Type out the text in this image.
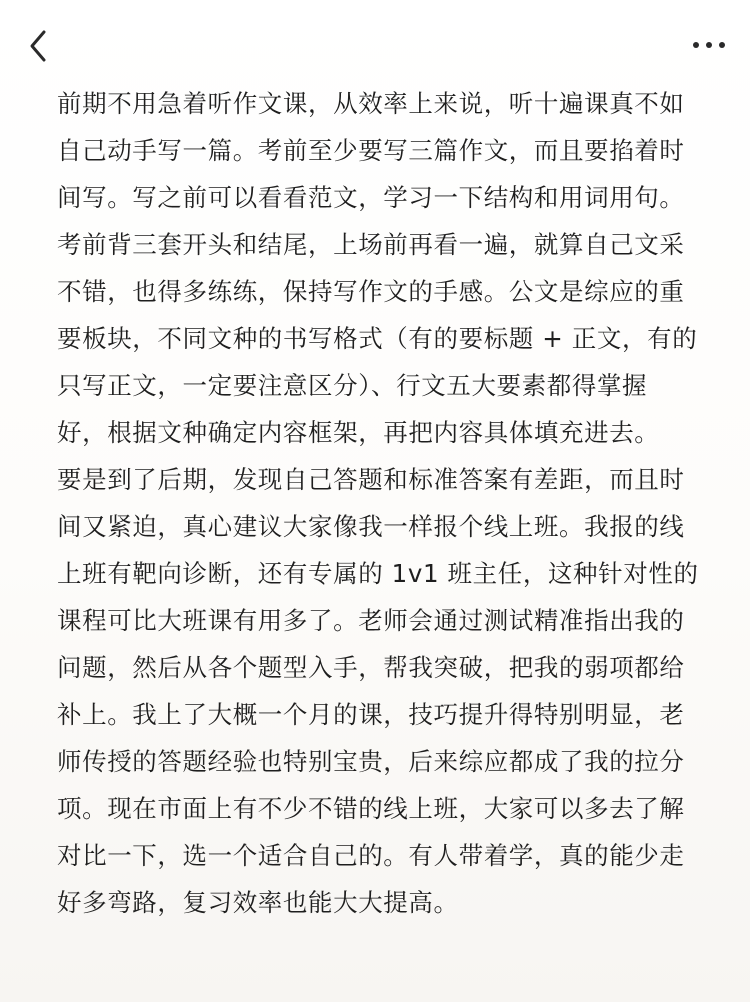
前期不用急着听作文课，从效率上来说，听十遍课真不如
自己动手写一篇。考前至少要写三篇作文，而且要掐着时
间写。写之前可以看看范文，学习一下结构和用词用句。
考前背三套开头和结尾，上场前再看一遍，就算自己文采
不错，也得多练练，保持写作文的手感。公文是综应的重
要板块，不同文种的书写格式（有的要标题 + 正文，有的
只写正文，一定要注意区分）、行文五大要素都得掌握
好，根据文种确定内容框架，再把内容具体填充进去。
要是到了后期，发现自己答题和标准答案有差距，而且时
间又紧迫，真心建议大家像我一样报个线上班。我报的线
上班有靶向诊断，还有专属的 1v1 班主任，这种针对性的
课程可比大班课有用多了。老师会通过测试精准指出我的
问题，然后从各个题型入手，帮我突破，把我的弱项都给
补上。我上了大概一个月的课，技巧提升得特别明显，老
师传授的答题经验也特别宝贵，后来综应都成了我的拉分
项。现在市面上有不少不错的线上班，大家可以多去了解
对比一下，选一个适合自己的。有人带着学，真的能少走
好多弯路，复习效率也能大大提高。
